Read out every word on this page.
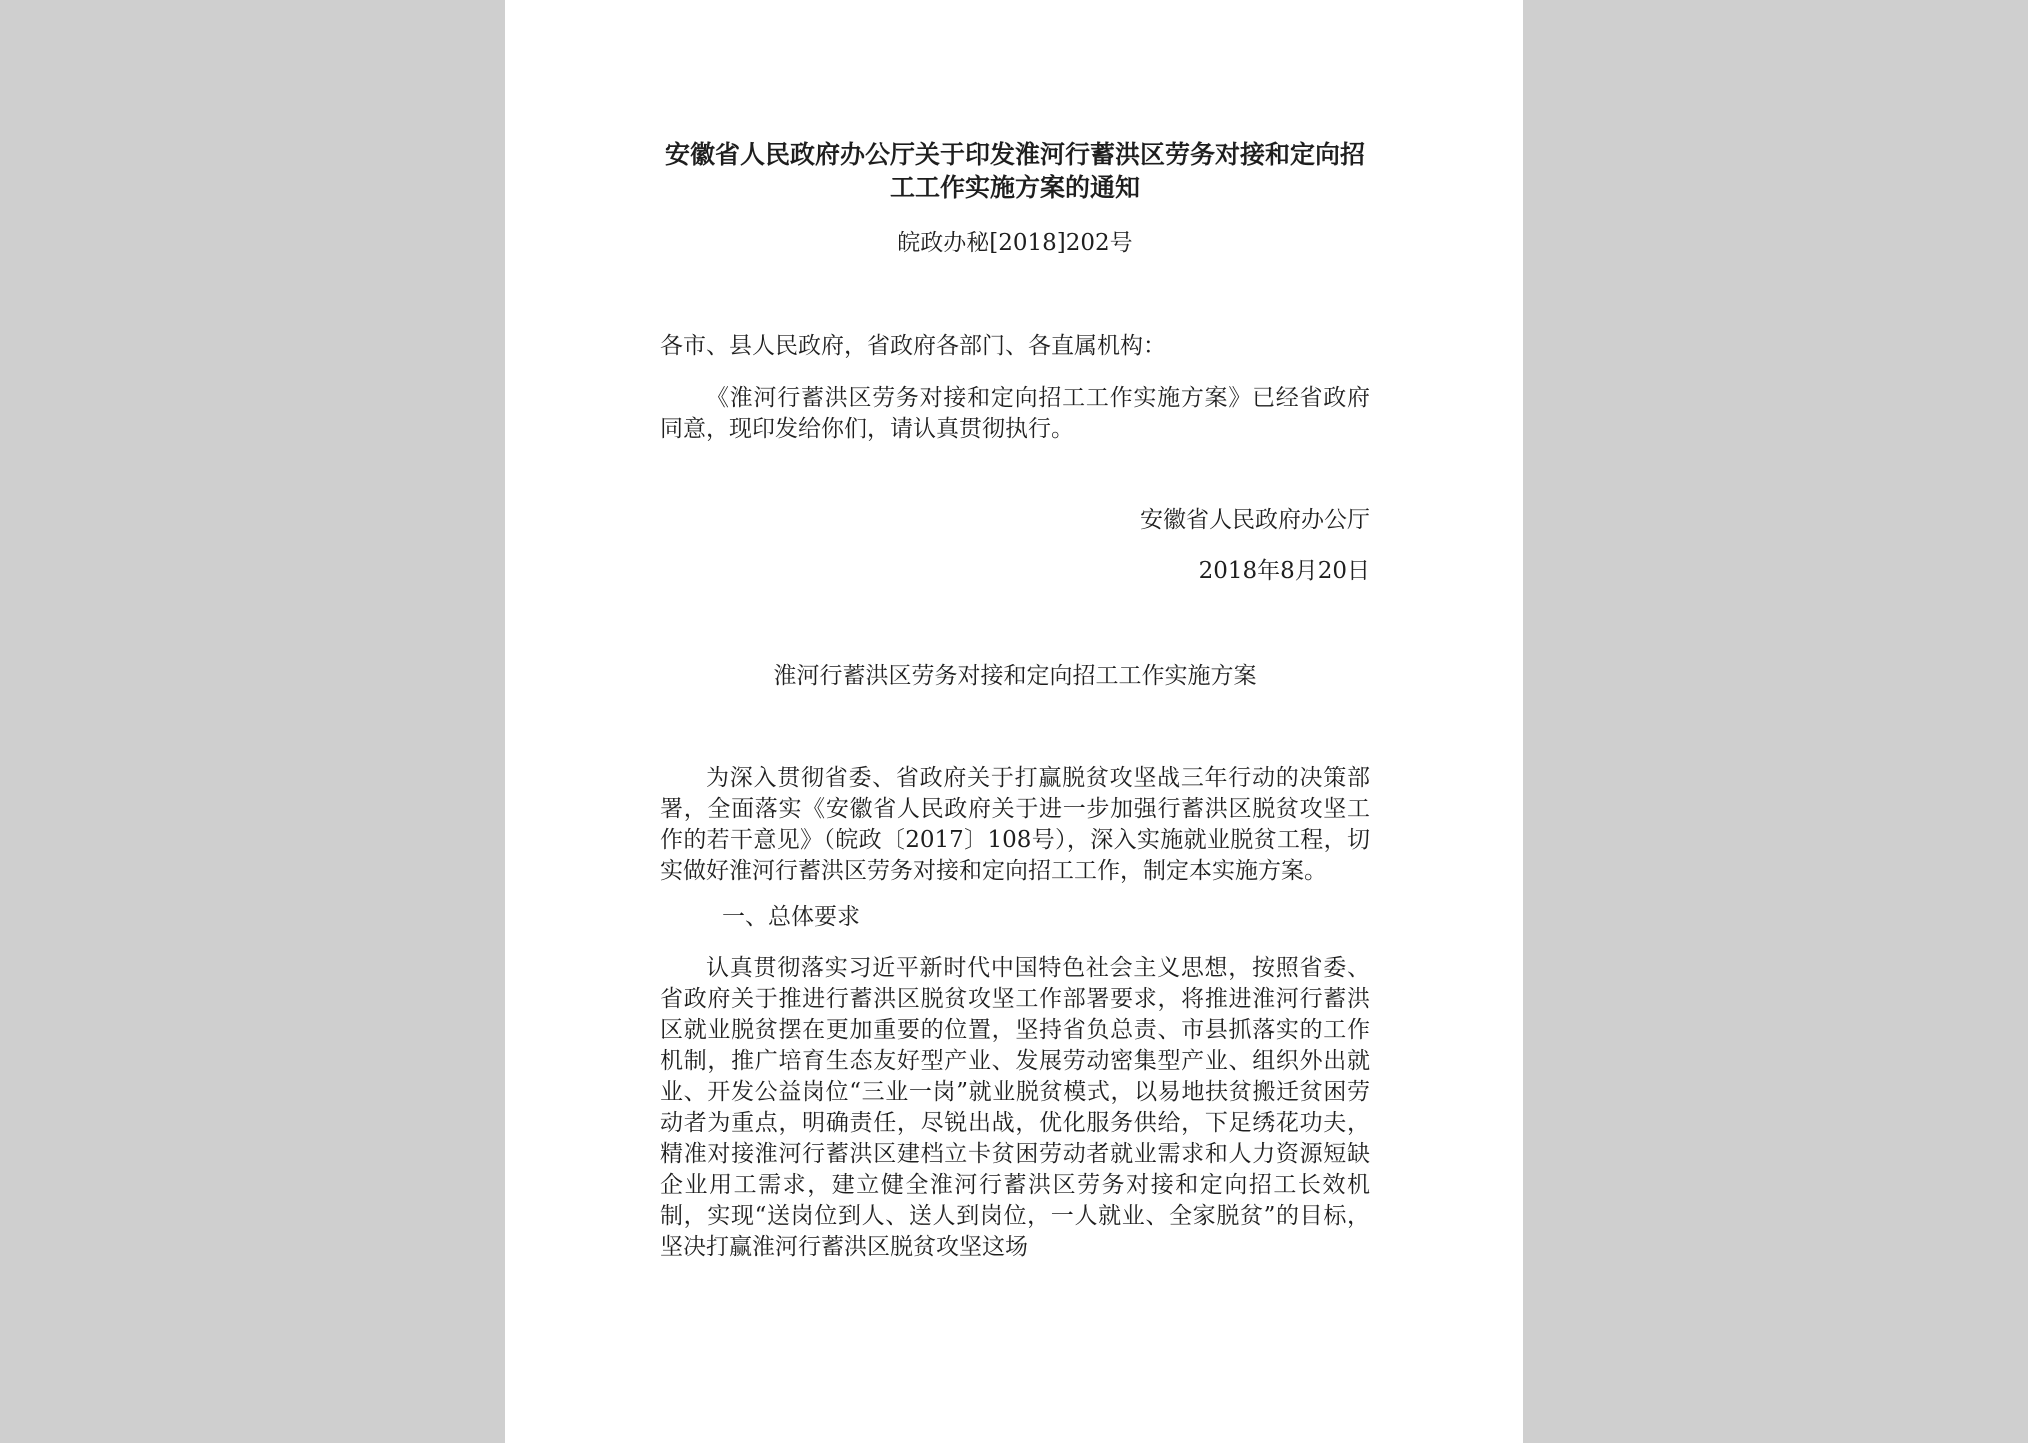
安徽省人民政府办公厅关于印发淮河行蓄洪区劳务对接和定向招工工作实施方案的通知
皖政办秘[2018]202号
各市、县人民政府，省政府各部门、各直属机构：
《淮河行蓄洪区劳务对接和定向招工工作实施方案》已经省政府同意，现印发给你们，请认真贯彻执行。
安徽省人民政府办公厅
2018年8月20日
淮河行蓄洪区劳务对接和定向招工工作实施方案
为深入贯彻省委、省政府关于打赢脱贫攻坚战三年行动的决策部署，全面落实《安徽省人民政府关于进一步加强行蓄洪区脱贫攻坚工作的若干意见》（皖政〔2017〕108号），深入实施就业脱贫工程，切实做好淮河行蓄洪区劳务对接和定向招工工作，制定本实施方案。
一、总体要求
认真贯彻落实习近平新时代中国特色社会主义思想，按照省委、省政府关于推进行蓄洪区脱贫攻坚工作部署要求，将推进淮河行蓄洪区就业脱贫摆在更加重要的位置，坚持省负总责、市县抓落实的工作机制，推广培育生态友好型产业、发展劳动密集型产业、组织外出就业、开发公益岗位“三业一岗”就业脱贫模式，以易地扶贫搬迁贫困劳动者为重点，明确责任，尽锐出战，优化服务供给，下足绣花功夫，精准对接淮河行蓄洪区建档立卡贫困劳动者就业需求和人力资源短缺企业用工需求，建立健全淮河行蓄洪区劳务对接和定向招工长效机制，实现“送岗位到人、送人到岗位，一人就业、全家脱贫”的目标，坚决打赢淮河行蓄洪区脱贫攻坚这场
